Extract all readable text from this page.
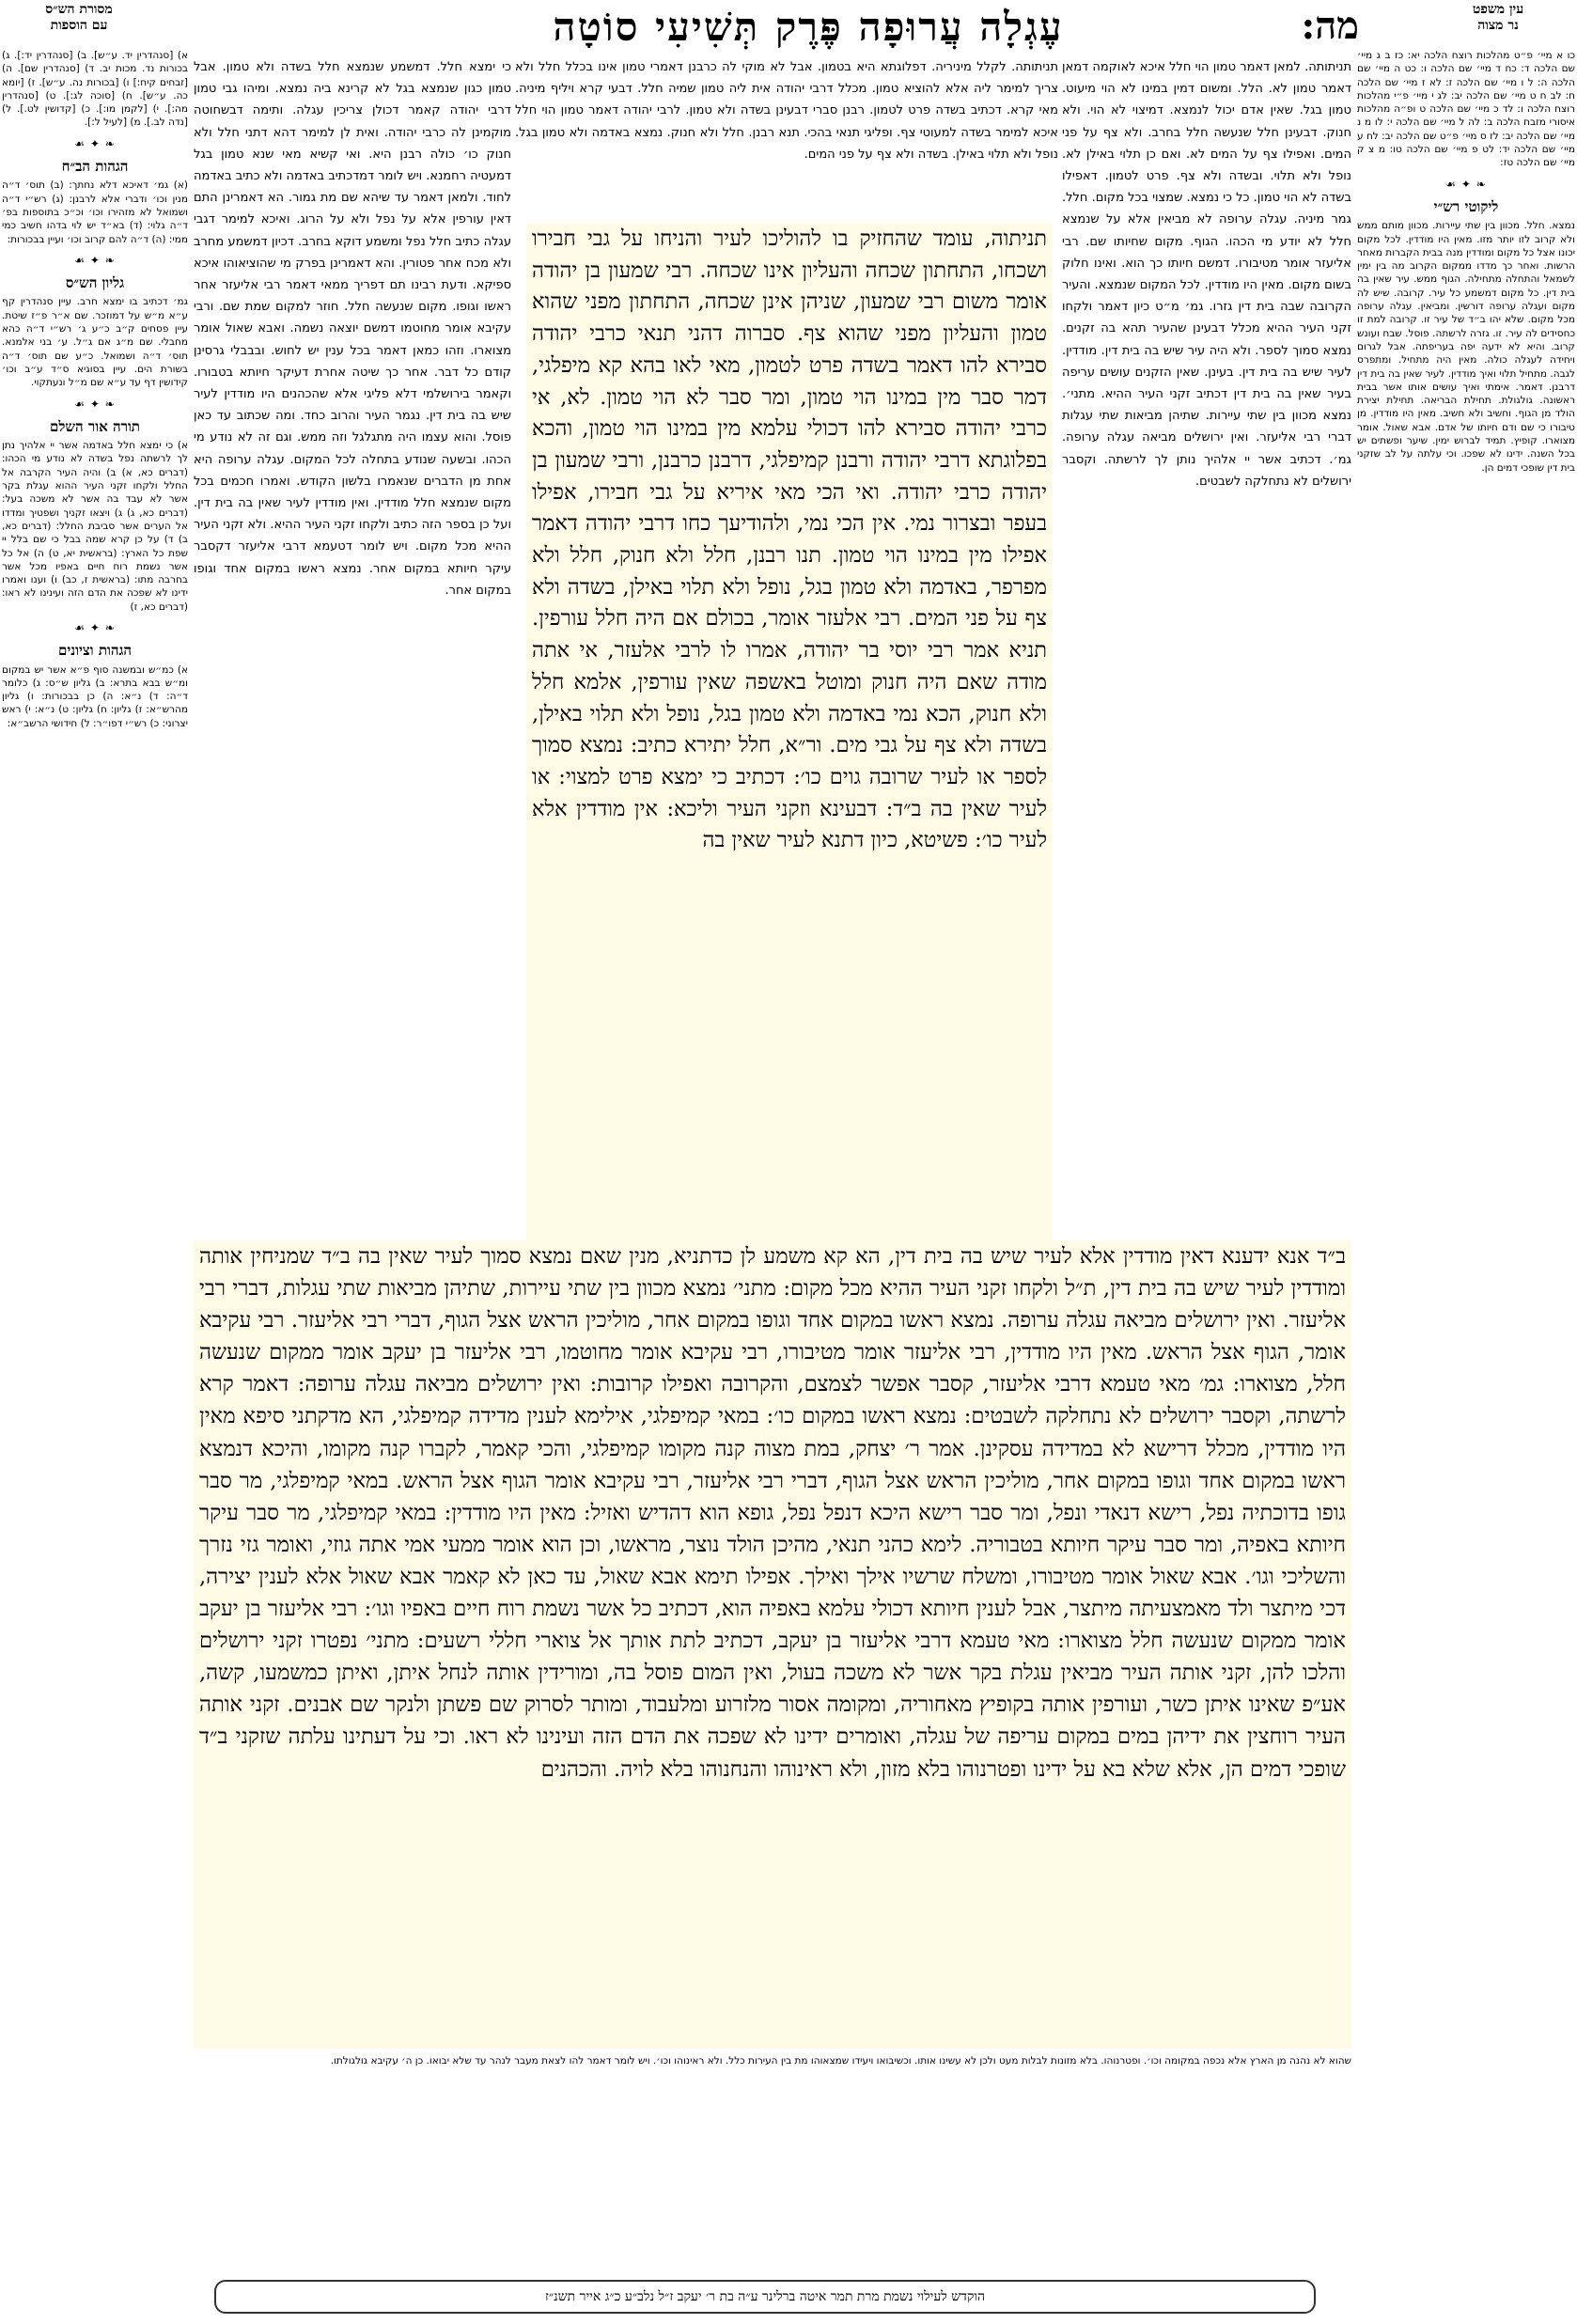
מסורת הש״ס
עם הוספות	עֶגְלָה עֲרוּפָה פֶּרֶק תְּשִׁיעִי סוֹטָה	מה:	עין משפט
נר מצוה

א) [סנהדרין יד. ע״ש]. ב) [סנהדרין יד:]. ג) בכורות נד. מכות יב. ד) [סנהדרין שם]. ה) [זבחים קיח:] ו) [בכורות נה. ע״ש]. ז) [יומא כה. ע״ש]. ח) [סוכה לג:]. ט) [סנהדרין מה:]. י) [לקמן מו:]. כ) [קדושין לט.]. ל) [נדה לב.]. מ) [לעיל ל:].

❧ ✦ ☙
הגהות הב״ח

(א) גמ׳ דאיכא דלא נחתך: (ב) תוס׳ ד״ה מנין וכו׳ ודברי אלא לרבנן: (ג) רש״י ד״ה ושמואל לא מזהירו וכו׳ וכ״כ בתוספות בפ׳ ד״ה גלוי: (ד) בא״ד יש לוי בדהו חשיב כמי ממי: (ה) ד״ה להם קרוב וכו׳ ועיין בבכורות:

❧ ✦ ☙
גליון הש״ס

גמ׳ דכתיב בו ימצא חרב. עיין סנהדרין קף ע״א מ״ש על דמוזכר. שם א״ר פ״ז שיטת. עיין פסחים ק״ב כ״ע ג׳ רש״י ד״ה כהא מחבלי. שם מ״ג אם ג״ל. ע׳ בני אלמנא. תוס׳ ד״ה ושמואל. כ״ע שם תוס׳ ד״ה בשורת הים. עיין בסוגיא ס״ד ע״ב וכו׳ קידושין דף עד ע״א שם מ״ל ונעתקוי.

❧ ✦ ☙
תורה אור השלם

א) כי ימצא חלל באדמה אשר יי אלהיך נתן לך לרשתה נפל בשדה לא נודע מי הכהו: (דברים כא, א) ב) והיה העיר הקרבה אל החלל ולקחו זקני העיר ההוא עגלת בקר אשר לא עבד בה אשר לא משכה בעל: (דברים כא, ג) ג) ויצאו זקניך ושפטיך ומדדו אל הערים אשר סביבת החלל: (דברים כא, ב) ד) על כן קרא שמה בבל כי שם בלל יי שפת כל הארץ: (בראשית יא, ט) ה) אל כל אשר נשמת רוח חיים באפיו מכל אשר בחרבה מתו: (בראשית ז, כב) ו) וענו ואמרו ידינו לא שפכה את הדם הזה ועינינו לא ראו: (דברים כא, ז)

❧ ✦ ☙
הגהות וציונים

א) כמ״ש ובמשנה סוף פ״א אשר יש במקום ומ״ש בבא בתרא: ב) גליון ש״ס: ג) כלומר ד״ה: ד) נ״א: ה) כן בבכורות: ו) גליון מהרש״א: ז) גליון: ח) גליון: ט) נ״א: י) ראש יצרוני: כ) רש״י דפו״ר: ל) חידושי הרשב״א:

כי ימצא חלל. דמשמע שנמצא חלל בשדה ולא טמון. אבל טמון כגון שנמצא בגל לא קרינא ביה נמצא. ומיהו גבי טמון דרבי יהודה קאמר דכולן צריכין עגלה. ותימה דבשחוטה מוקמינן לה כרבי יהודה. ואית לן למימר דהא דתני חלל ולא חנוק כו׳ כולה רבנן היא. ואי קשיא מאי שנא טמון בגל דמעטיה רחמנא. ויש לומר דמדכתיב באדמה ולא כתיב באדמה לחוד. ולמאן דאמר עד שיהא שם מת גמור. הא דאמרינן התם דאין עורפין אלא על נפל ולא על הרוג. ואיכא למימר דגבי עגלה כתיב חלל נפל ומשמע דוקא בחרב. דכיון דמשמע מחרב ולא מכח אחר פטורין. והא דאמרינן בפרק מי שהוציאוהו איכא ספיקא. ודעת רבינו תם דפריך ממאי דאמר רבי אליעזר אחר ראשו וגופו. מקום שנעשה חלל. חוזר למקום שמת שם. ורבי עקיבא אומר מחוטמו דמשם יוצאה נשמה. ואבא שאול אומר מצוארו. וזהו כמאן דאמר בכל ענין יש לחוש. ובבבלי גרסינן קודם כל דבר. אחר כך שיטה אחרת דעיקר חיותא בטבורו. וקאמר בירושלמי דלא פליגי אלא שהכהנים היו מודדין לעיר שיש בה בית דין. נגמר העיר והרוב כחד. ומה שכתוב עד כאן פוסל. והוא עצמו היה מתגלגל וזה ממש. וגם זה לא נודע מי הכהו. ובשעה שנודע בתחלה לכל המקום. עגלה ערופה היא אחת מן הדברים שנאמרו בלשון הקודש. ואמרו חכמים בכל מקום שנמצא חלל מודדין. ואין מודדין לעיר שאין בה בית דין. ועל כן בספר הזה כתיב ולקחו זקני העיר ההיא. ולא זקני העיר ההיא מכל מקום. ויש לומר דטעמא דרבי אליעזר דקסבר עיקר חיותא במקום אחר. נמצא ראשו במקום אחד וגופו במקום אחר.
תניתותה. לקלל מיניריה. דפלוגתא היא בטמון. אבל לא מוקי לה כרבנן דאמרי טמון אינו בכלל חלל ולא צריך למימר ליה אלא להוציא טמון. מכלל דרבי יהודה אית ליה טמון שמיה חלל. דבעי קרא ויליף מיניה. מאי קרא. דכתיב בשדה פרט לטמון. רבנן סברי דבעינן בשדה ולא טמון. לרבי יהודה דאמר טמון הוי חלל איכא למימר בשדה למעוטי צף. ופליגי תנאי בהכי. תנא רבנן. חלל ולא חנוק. נמצא באדמה ולא טמון בגל. נופל ולא תלוי באילן. בשדה ולא צף על פני המים.
תניתוה, עומד שהחזיק בו להוליכו לעיר והניחו על גבי חבירו ושכחו, התחתון שכחה והעליון אינו שכחה. רבי שמעון בן יהודה אומר משום רבי שמעון, שניהן אינן שכחה, התחתון מפני שהוא טמון והעליון מפני שהוא צף. סברוה דהני תנאי כרבי יהודה סבירא להו דאמר בשדה פרט לטמון, מאי לאו בהא קא מיפלגי, דמר סבר מין במינו הוי טמון, ומר סבר לא הוי טמון. לא, אי כרבי יהודה סבירא להו דכולי עלמא מין במינו הוי טמון, והכא בפלוגתא דרבי יהודה ורבנן קמיפלגי, דרבנן כרבנן, ורבי שמעון בן יהודה כרבי יהודה. ואי הכי מאי איריא על גבי חבירו, אפילו בעפר ובצרור נמי. אין הכי נמי, ולהודיעך כחו דרבי יהודה דאמר אפילו מין במינו הוי טמון. תנו רבנן, חלל ולא חנוק, חלל ולא מפרפר, באדמה ולא טמון בגל, נופל ולא תלוי באילן, בשדה ולא צף על פני המים. רבי אלעזר אומר, בכולם אם היה חלל עורפין. תניא אמר רבי יוסי בר יהודה, אמרו לו לרבי אלעזר, אי אתה מודה שאם היה חנוק ומוטל באשפה שאין עורפין, אלמא חלל ולא חנוק, הכא נמי באדמה ולא טמון בגל, נופל ולא תלוי באילן, בשדה ולא צף על גבי מים. ור״א, חלל יתירא כתיב: נמצא סמוך לספר או לעיר שרובה גוים כו׳: דכתיב כי ימצא פרט למצוי: או לעיר שאין בה ב״ד: דבעינא וזקני העיר וליכא: אין מודדין אלא לעיר כו׳: פשיטא, כיון דתנא לעיר שאין בה
תניתותה. למאן דאמר טמון הוי חלל איכא לאוקמה דמאן דאמר טמון לא. הלל. ומשום דמין במינו לא הוי מיעוט. טמון בגל. שאין אדם יכול לנמצא. דמיצוי לא הוי. ולא חנוק. דבעינן חלל שנעשה חלל בחרב. ולא צף על פני המים. ואפילו צף על המים לא. ואם כן תלוי באילן לא. נופל ולא תלוי. ובשדה ולא צף. פרט לטמון. דאפילו בשדה לא הוי טמון. כל כי נמצא. שמצוי בכל מקום. חלל. גמר מיניה. עגלה ערופה לא מביאין אלא על שנמצא חלל לא יודע מי הכהו. הגוף. מקום שחיותו שם. רבי אליעזר אומר מטיבורו. דמשם חיותו כך הוא. ואינו חלוק בשום מקום. מאין היו מודדין. לכל המקום שנמצא. והעיר הקרובה שבה בית דין גזרו. גמ׳ מ״ט כיון דאמר ולקחו זקני העיר ההיא מכלל דבעינן שהעיר תהא בה זקנים. נמצא סמוך לספר. ולא היה עיר שיש בה בית דין. מודדין. לעיר שיש בה בית דין. בעינן. שאין הזקנים עושים עריפה בעיר שאין בה בית דין דכתיב זקני העיר ההיא. מתני׳. נמצא מכוון בין שתי עיירות. שתיהן מביאות שתי עגלות דברי רבי אליעזר. ואין ירושלים מביאה עגלה ערופה. גמ׳. דכתיב אשר יי אלהיך נותן לך לרשתה. וקסבר ירושלים לא נתחלקה לשבטים.

כו א מיי׳ פ״ט מהלכות רוצח הלכה יא: כז ב ג מיי׳ שם הלכה ד: כח ד מיי׳ שם הלכה ו: כט ה מיי׳ שם הלכה ה: ל ו מיי׳ שם הלכה ז: לא ז מיי׳ שם הלכה ח: לב ח ט מיי׳ שם הלכה יב: לג י מיי׳ פ״י מהלכות רוצח הלכה ו: לד כ מיי׳ שם הלכה ט ופ״ה מהלכות איסורי מזבח הלכה ב: לה ל מיי׳ שם הלכה י: לו מ נ מיי׳ שם הלכה יב: לז ס מיי׳ פ״ט שם הלכה יב: לח ע מיי׳ שם הלכה יד: לט פ מיי׳ שם הלכה טו: מ צ ק מיי׳ שם הלכה טז:

❧ ✦ ☙
ליקוטי רש״י

נמצא. חלל. מכוון בין שתי עיירות. מכוון מותם ממש ולא קרוב לזו יותר מזו. מאין היו מודדין. לכל מקום יכונו אצל כל מקום ומודדין מנה בבית הקברות מאחר הרשות. ואחר כך מדדו ממקום הקרוב מה בין ימין לשמאל והתחלה מתחילה. הגוף ממש. עיר שאין בה בית דין. כל מקום דמשמע כל עיר. קרובה. שיש לה מקום ועגלה ערופה דורשין. ומביאין. עגלה ערופה מכל מקום. שלא יהו ב״ד של עיר זו. קרובה למת זו כחסידים לה עיר. זו. גזרה לרשתה. פוסל. שבח ועונש קרוב. והיא לא ידעה יפה בעריפתה. אבל לגרום ויחידה לעגלה כולה. מאין היה מתחיל. ומתפרס לגבה. מתחיל תלוי ואיך מודדין. לעיר שאין בה בית דין דרבנן. דאמר. אימתי ואיך עושים אותו אשר בבית ראשונה. גולגולת. תחילת הבריאה. תחילת יצירת הולד מן הגוף. וחשיב ולא חשיב. מאין היו מודדין. מן טיבורו כי שם ודם חיותו של אדם. אבא שאול. אומר מצוארו. קופיץ. תמיד לברוש ימין. שיער ופשתים יש בכל השנה. ידינו לא שפכו. וכי עלתה על לב שזקני בית דין שופכי דמים הן.

ב״ד אנא ידענא דאין מודדין אלא לעיר שיש בה בית דין, הא קא משמע לן כדתניא, מנין שאם נמצא סמוך לעיר שאין בה ב״ד שמניחין אותה ומודדין לעיר שיש בה בית דין, ת״ל ולקחו זקני העיר ההיא מכל מקום: מתני׳ נמצא מכוון בין שתי עיירות, שתיהן מביאות שתי עגלות, דברי רבי אליעזר. ואין ירושלים מביאה עגלה ערופה. נמצא ראשו במקום אחד וגופו במקום אחר, מוליכין הראש אצל הגוף, דברי רבי אליעזר. רבי עקיבא אומר, הגוף אצל הראש. מאין היו מודדין, רבי אליעזר אומר מטיבורו, רבי עקיבא אומר מחוטמו, רבי אליעזר בן יעקב אומר ממקום שנעשה חלל, מצוארו: גמ׳ מאי טעמא דרבי אליעזר, קסבר אפשר לצמצם, והקרובה ואפילו קרובות: ואין ירושלים מביאה עגלה ערופה: דאמר קרא לרשתה, וקסבר ירושלים לא נתחלקה לשבטים: נמצא ראשו במקום כו׳: במאי קמיפלגי, אילימא לענין מדידה קמיפלגי, הא מדקתני סיפא מאין היו מודדין, מכלל דרישא לא במדידה עסקינן. אמר ר׳ יצחק, במת מצוה קנה מקומו קמיפלגי, והכי קאמר, לקברו קנה מקומו, והיכא דנמצא ראשו במקום אחד וגופו במקום אחר, מוליכין הראש אצל הגוף, דברי רבי אליעזר, רבי עקיבא אומר הגוף אצל הראש. במאי קמיפלגי, מר סבר גופו בדוכתיה נפל, רישא דנאדי ונפל, ומר סבר רישא היכא דנפל נפל, גופא הוא דהדיש ואזיל: מאין היו מודדין: במאי קמיפלגי, מר סבר עיקר חיותא באפיה, ומר סבר עיקר חיותא בטבוריה. לימא כהני תנאי, מהיכן הולד נוצר, מראשו, וכן הוא אומר ממעי אמי אתה גוזי, ואומר גזי נזרך והשליכי וגו׳. אבא שאול אומר מטיבורו, ומשלח שרשיו אילך ואילך. אפילו תימא אבא שאול, עד כאן לא קאמר אבא שאול אלא לענין יצירה, דכי מיתצר ולד מאמצעיתה מיתצר, אבל לענין חיותא דכולי עלמא באפיה הוא, דכתיב כל אשר נשמת רוח חיים באפיו וגו׳: רבי אליעזר בן יעקב אומר ממקום שנעשה חלל מצוארו: מאי טעמא דרבי אליעזר בן יעקב, דכתיב לתת אותך אל צוארי חללי רשעים: מתני׳ נפטרו זקני ירושלים והלכו להן, זקני אותה העיר מביאין עגלת בקר אשר לא משכה בעול, ואין המום פוסל בה, ומורידין אותה לנחל איתן, ואיתן כמשמעו, קשה, אע״פ שאינו איתן כשר, ועורפין אותה בקופיץ מאחוריה, ומקומה אסור מלזרוע ומלעבוד, ומותר לסרוק שם פשתן ולנקר שם אבנים. זקני אותה העיר רוחצין את ידיהן במים במקום עריפה של עגלה, ואומרים ידינו לא שפכה את הדם הזה ועינינו לא ראו. וכי על דעתינו עלתה שזקני ב״ד שופכי דמים הן, אלא שלא בא על ידינו ופטרנוהו בלא מזון, ולא ראינוהו והנחנוהו בלא לויה. והכהנים
שהוא לא נהנה מן הארץ אלא נכפה במקומה וכו׳. ופטרנוהו. בלא מזונות לבלות מעט ולכן לא עשינו אותו. וכשיבואו ויעידו שמצאוהו מת בין העירות כלל. ולא ראינוהו וכו׳. ויש לומר דאמר להו לצאת מעבר לנהר עד שלא יבואו. כן ה׳ עקיבא גולגולתו.
הוקדש לעילוי נשמת מרת תמר איטה ברלינר ע״ה בת ר׳ יעקב ז״ל נלב״ע כ״ג אייר תשנ״ז
